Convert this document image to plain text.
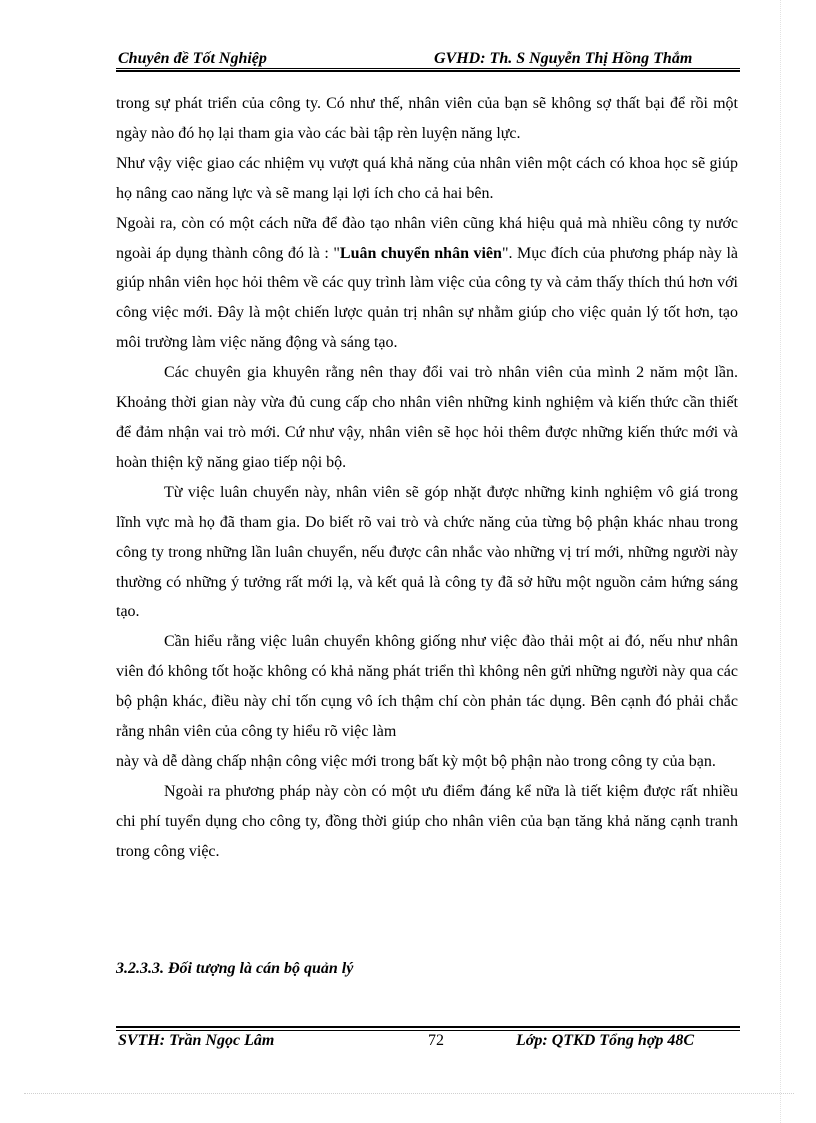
Chuyên đề Tốt Nghiệp	GVHD: Th. S Nguyễn Thị Hồng Thắm

trong sự phát triển của công ty. Có như thế, nhân viên của bạn sẽ không sợ thất bại để rồi một ngày nào đó họ lại tham gia vào các bài tập rèn luyện năng lực.

Như vậy việc giao các nhiệm vụ vượt quá khả năng của nhân viên một cách có khoa học sẽ giúp họ nâng cao năng lực và sẽ mang lại lợi ích cho cả hai bên.

Ngoài ra, còn có một cách nữa để đào tạo nhân viên cũng khá hiệu quả mà nhiều công ty nước ngoài áp dụng thành công đó là : "Luân chuyển nhân viên". Mục đích của phương pháp này là giúp nhân viên học hỏi thêm về các quy trình làm việc của công ty và cảm thấy thích thú hơn với công việc mới. Đây là một chiến lược quản trị nhân sự nhằm giúp cho việc quản lý tốt hơn, tạo môi trường làm việc năng động và sáng tạo.

Các chuyên gia khuyên rằng nên thay đổi vai trò nhân viên của mình 2 năm một lần. Khoảng thời gian này vừa đủ cung cấp cho nhân viên những kinh nghiệm và kiến thức cần thiết để đảm nhận vai trò mới. Cứ như vậy, nhân viên sẽ học hỏi thêm được những kiến thức mới và hoàn thiện kỹ năng giao tiếp nội bộ.

Từ việc luân chuyển này, nhân viên sẽ góp nhặt được những kinh nghiệm vô giá trong lĩnh vực mà họ đã tham gia. Do biết rõ vai trò và chức năng của từng bộ phận khác nhau trong công ty trong những lần luân chuyển, nếu được cân nhắc vào những vị trí mới, những người này thường có những ý tưởng rất mới lạ, và kết quả là công ty đã sở hữu một nguồn cảm hứng sáng tạo.

Cần hiểu rằng việc luân chuyển không giống như việc đào thải một ai đó, nếu như nhân viên đó không tốt hoặc không có khả năng phát triển thì không nên gửi những người này qua các bộ phận khác, điều này chỉ tốn cụng vô ích thậm chí còn phản tác dụng. Bên cạnh đó phải chắc rằng nhân viên của công ty hiểu rõ việc làm

này và dễ dàng chấp nhận công việc mới trong bất kỳ một bộ phận nào trong công ty của bạn.

Ngoài ra phương pháp này còn có một ưu điểm đáng kể nữa là tiết kiệm được rất nhiều chi phí tuyển dụng cho công ty, đồng thời giúp cho nhân viên của bạn tăng khả năng cạnh tranh trong công việc.

3.2.3.3. Đối tượng là cán bộ quản lý
SVTH: Trần Ngọc Lâm	72	Lớp: QTKD Tổng hợp 48C
